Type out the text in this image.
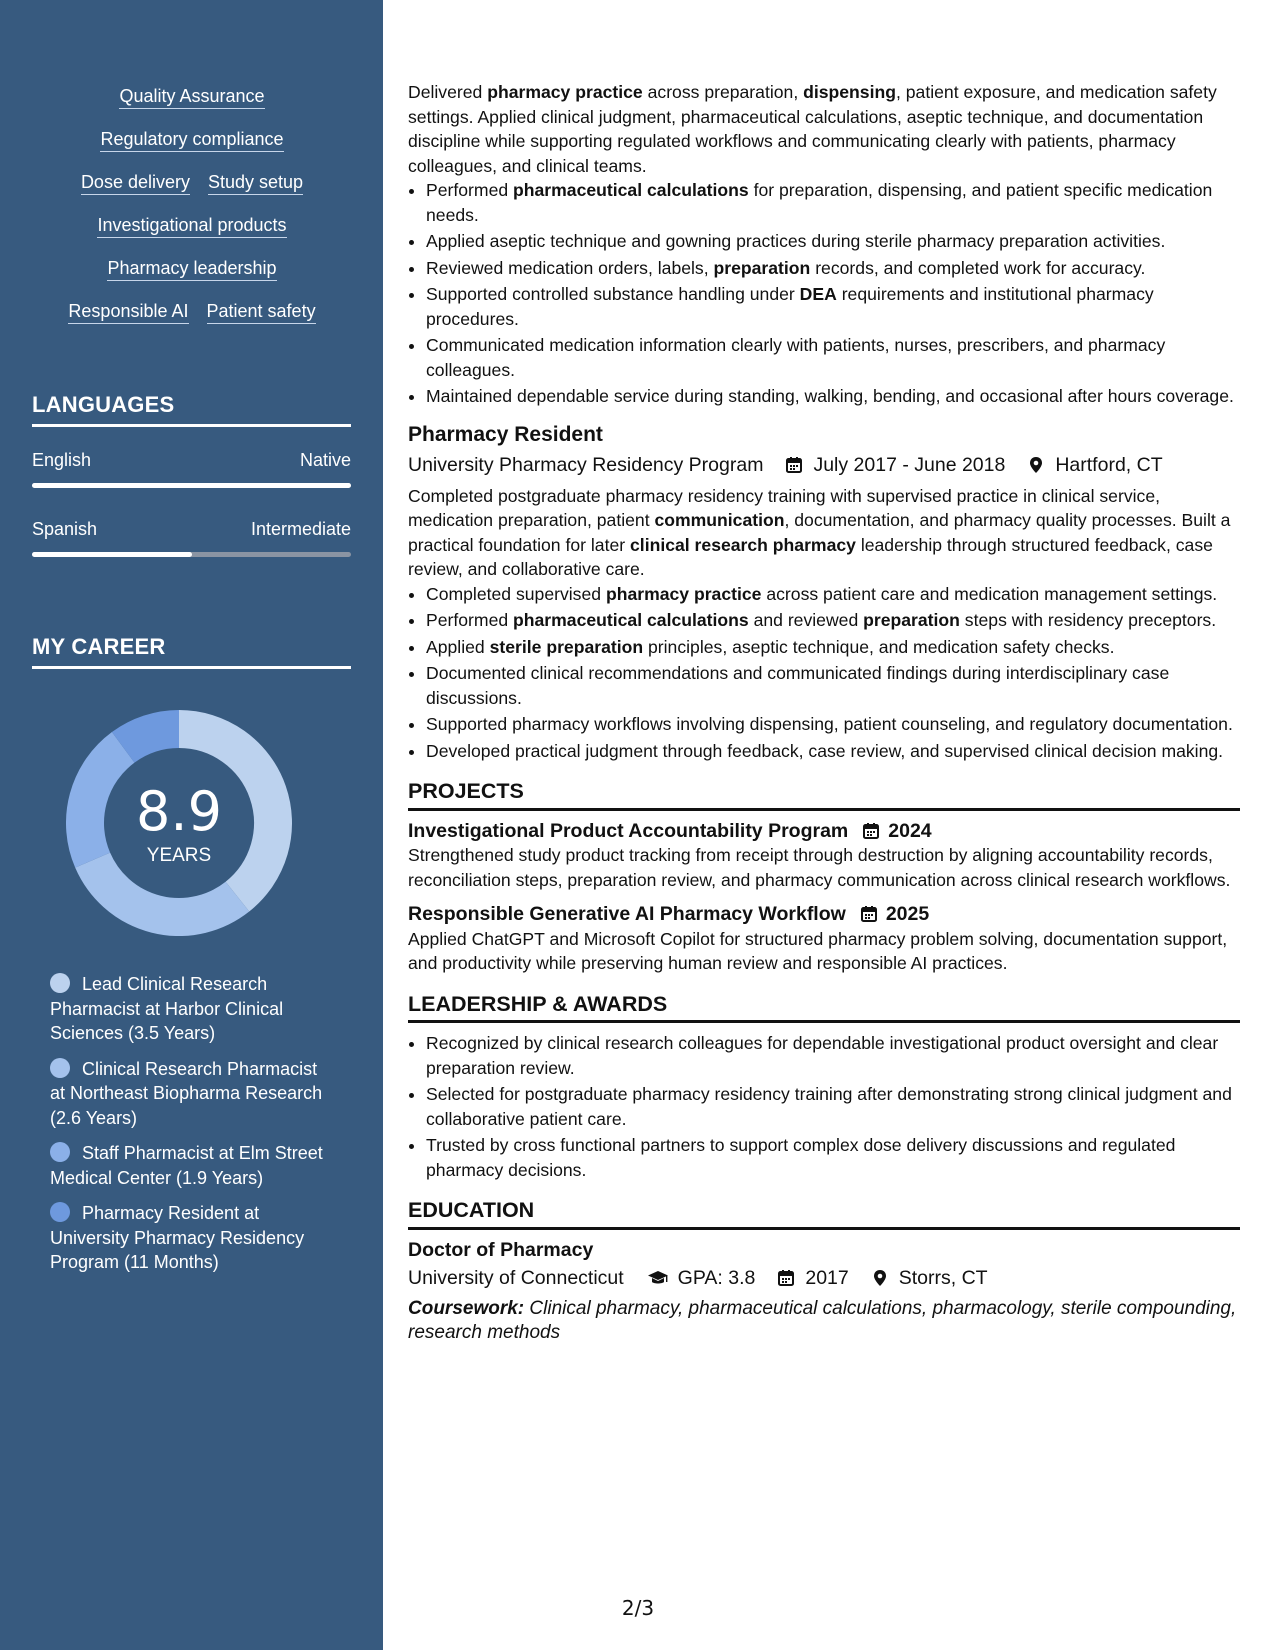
Quality Assurance
Regulatory compliance
Dose delivery Study setup
Investigational products
Pharmacy leadership
Responsible AI Patient safety
LANGUAGES
English	Native
Spanish	Intermediate
MY CAREER
8.9
YEARS
Lead Clinical Research Pharmacist at Harbor Clinical Sciences (3.5 Years)
Clinical Research Pharmacist at Northeast Biopharma Research (2.6 Years)
Staff Pharmacist at Elm Street Medical Center (1.9 Years)
Pharmacy Resident at University Pharmacy Residency Program (11 Months)

Delivered pharmacy practice across preparation, dispensing, patient exposure, and medication safety settings. Applied clinical judgment, pharmaceutical calculations, aseptic technique, and documentation discipline while supporting regulated workflows and communicating clearly with patients, pharmacy colleagues, and clinical teams.

• Performed pharmaceutical calculations for preparation, dispensing, and patient specific medication needs.
• Applied aseptic technique and gowning practices during sterile pharmacy preparation activities.
• Reviewed medication orders, labels, preparation records, and completed work for accuracy.
• Supported controlled substance handling under DEA requirements and institutional pharmacy procedures.
• Communicated medication information clearly with patients, nurses, prescribers, and pharmacy colleagues.
• Maintained dependable service during standing, walking, bending, and occasional after hours coverage.
Pharmacy Resident
University Pharmacy Residency Program	July 2017 - June 2018	Hartford, CT

Completed postgraduate pharmacy residency training with supervised practice in clinical service, medication preparation, patient communication, documentation, and pharmacy quality processes. Built a practical foundation for later clinical research pharmacy leadership through structured feedback, case review, and collaborative care.

• Completed supervised pharmacy practice across patient care and medication management settings.
• Performed pharmaceutical calculations and reviewed preparation steps with residency preceptors.
• Applied sterile preparation principles, aseptic technique, and medication safety checks.
• Documented clinical recommendations and communicated findings during interdisciplinary case discussions.
• Supported pharmacy workflows involving dispensing, patient counseling, and regulatory documentation.
• Developed practical judgment through feedback, case review, and supervised clinical decision making.
PROJECTS
Investigational Product Accountability Program 2024

Strengthened study product tracking from receipt through destruction by aligning accountability records, reconciliation steps, preparation review, and pharmacy communication across clinical research workflows.

Responsible Generative AI Pharmacy Workflow 2025

Applied ChatGPT and Microsoft Copilot for structured pharmacy problem solving, documentation support, and productivity while preserving human review and responsible AI practices.

LEADERSHIP & AWARDS
• Recognized by clinical research colleagues for dependable investigational product oversight and clear preparation review.
• Selected for postgraduate pharmacy residency training after demonstrating strong clinical judgment and collaborative patient care.
• Trusted by cross functional partners to support complex dose delivery discussions and regulated pharmacy decisions.
EDUCATION
Doctor of Pharmacy
University of Connecticut	GPA: 3.8	2017	Storrs, CT
Coursework: Clinical pharmacy, pharmaceutical calculations, pharmacology, sterile compounding, research methods
2/3
